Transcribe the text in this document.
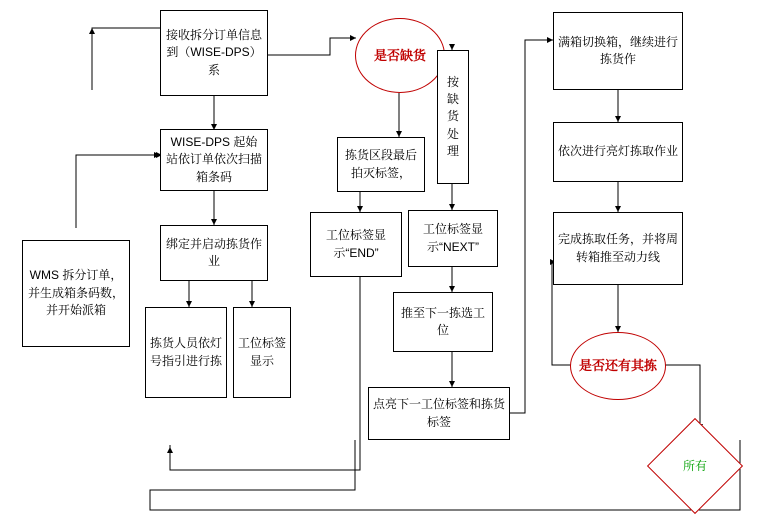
WMS 拆分订单，并生成箱条码数，并开始派箱
接收拆分订单信息到（WISE-DPS）系
WISE-DPS 起始站依订单依次扫描箱条码
绑定并启动拣货作业
拣货人员依灯号指引进行拣
工位标签显示
是否缺货
按缺货处理
拣货区段最后拍灭标签，
工位标签显示“END”
工位标签显示“NEXT”
推至下一拣选工位
点亮下一工位标签和拣货标签
满箱切换箱，继续进行拣货作
依次进行亮灯拣取作业
完成拣取任务，并将周转箱推至动力线
是否还有其拣
所有
